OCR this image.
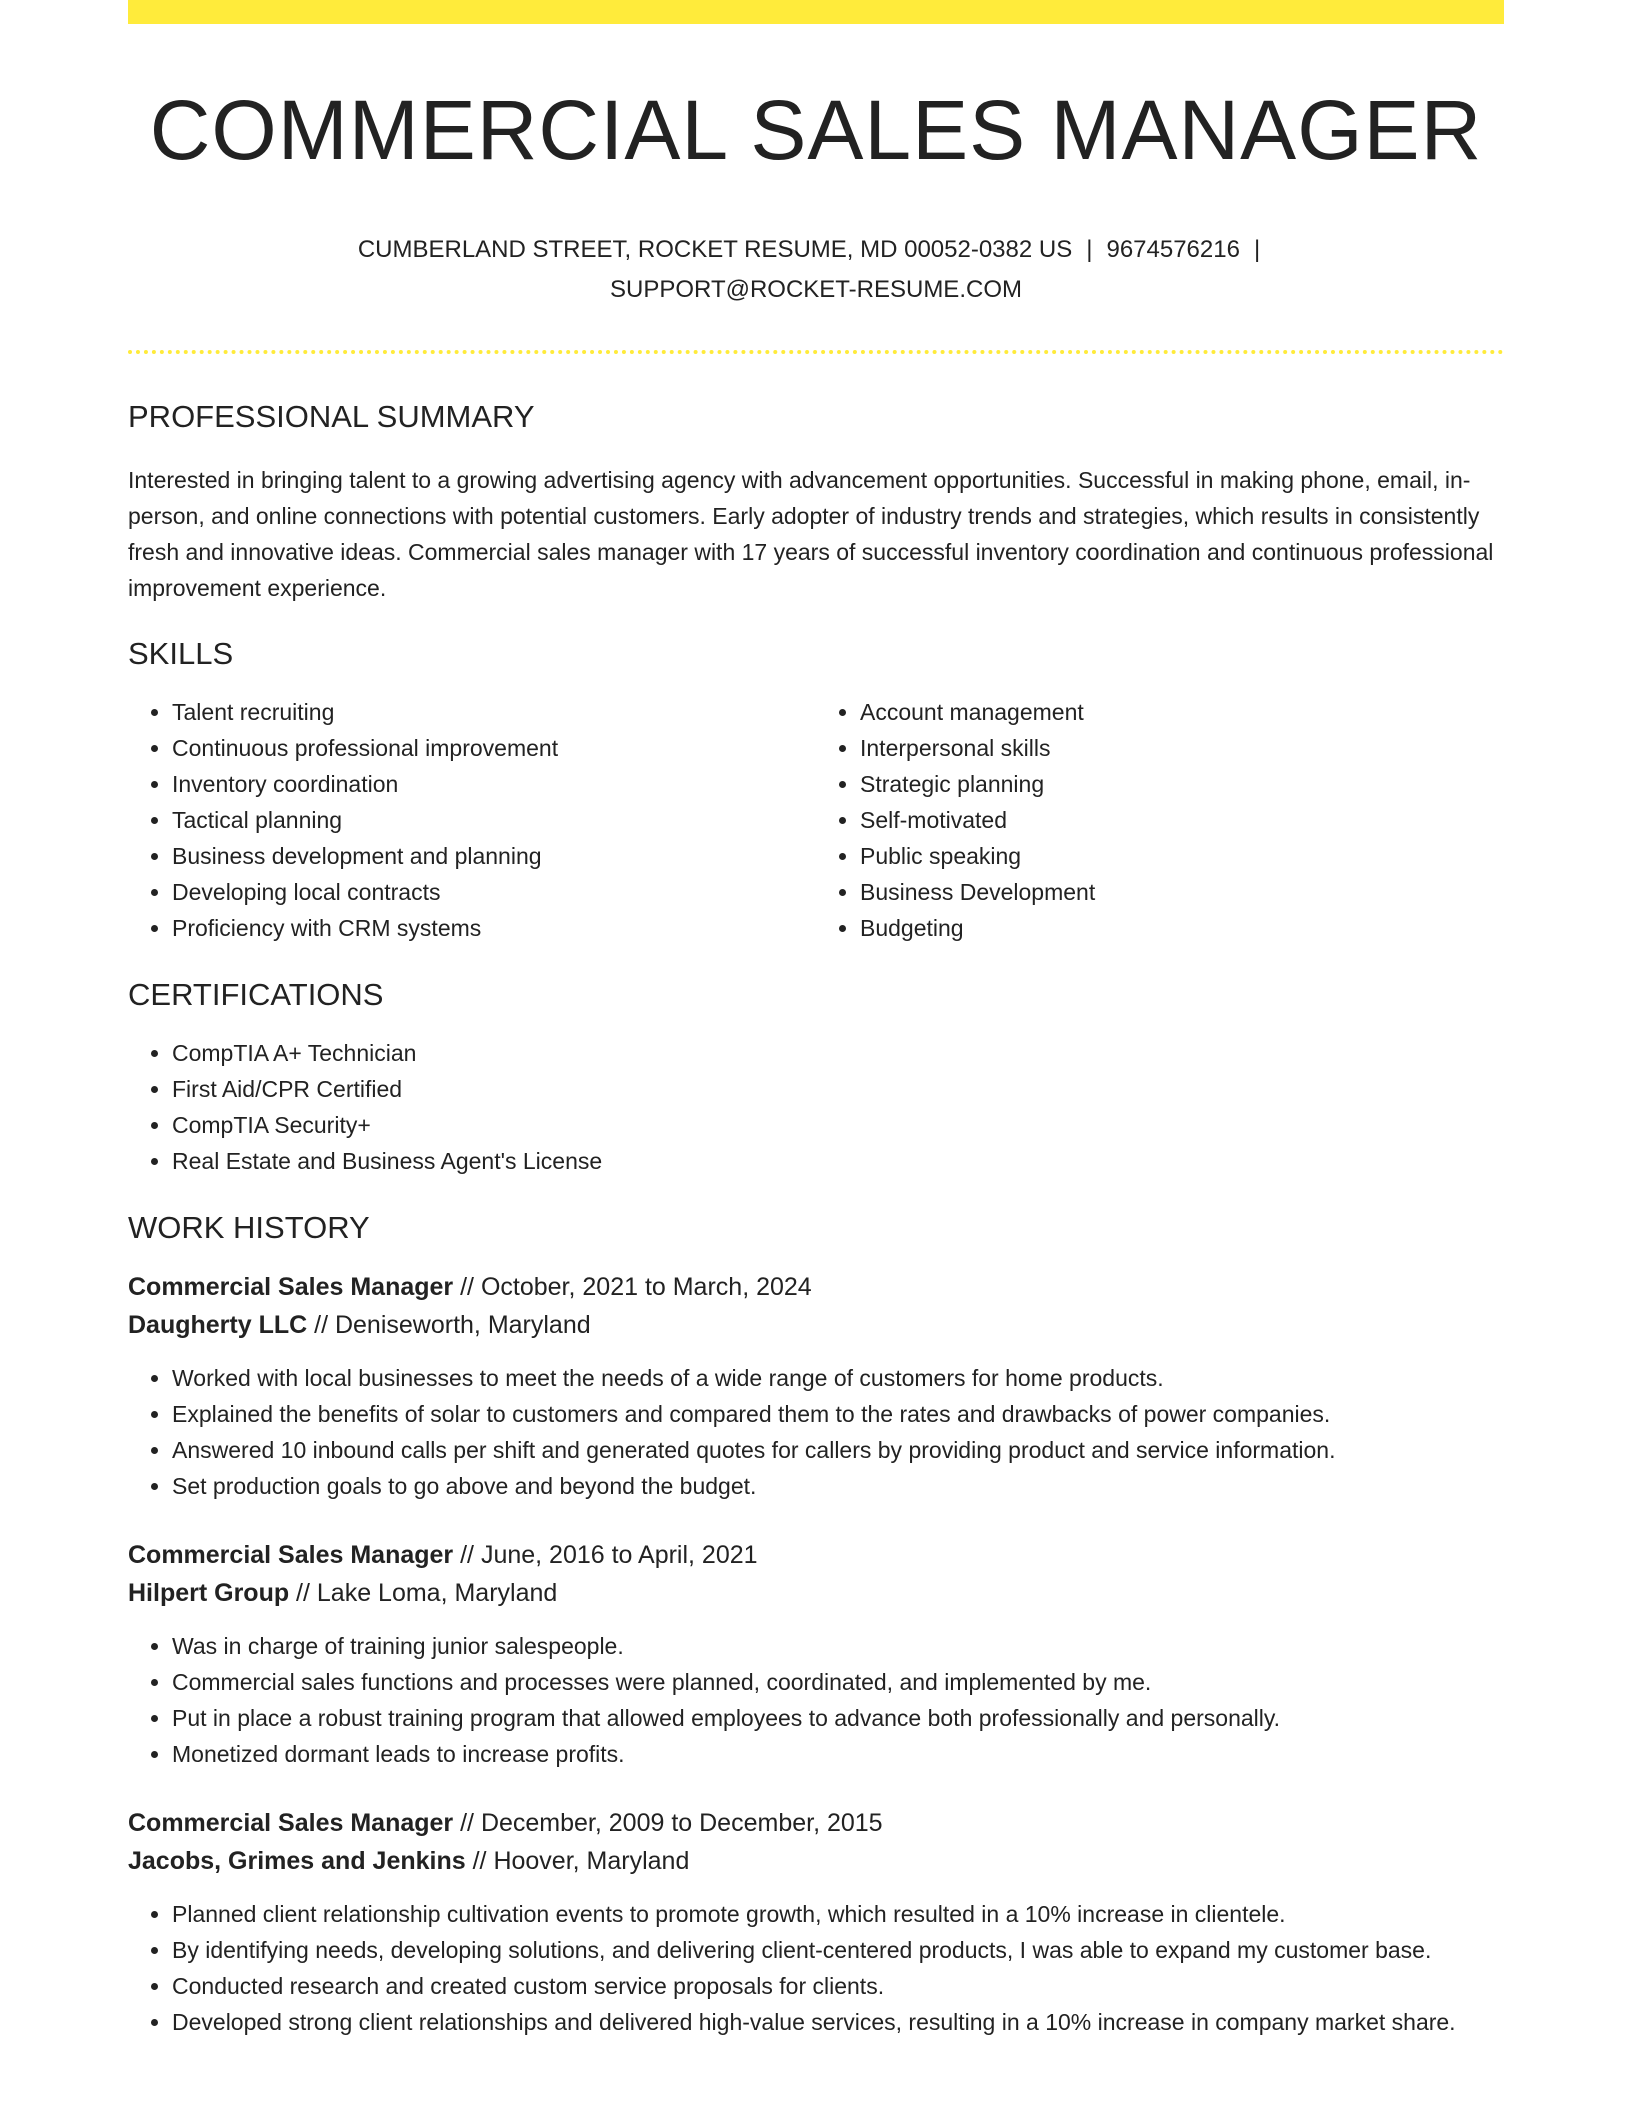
COMMERCIAL SALES MANAGER
CUMBERLAND STREET, ROCKET RESUME, MD 00052-0382 US | 9674576216 |
SUPPORT@ROCKET-RESUME.COM
PROFESSIONAL SUMMARY
Interested in bringing talent to a growing advertising agency with advancement opportunities. Successful in making phone, email, in-person, and online connections with potential customers. Early adopter of industry trends and strategies, which results in consistently fresh and innovative ideas. Commercial sales manager with 17 years of successful inventory coordination and continuous professional improvement experience.
SKILLS
• Talent recruiting
• Continuous professional improvement
• Inventory coordination
• Tactical planning
• Business development and planning
• Developing local contracts
• Proficiency with CRM systems
• Account management
• Interpersonal skills
• Strategic planning
• Self-motivated
• Public speaking
• Business Development
• Budgeting
CERTIFICATIONS
• CompTIA A+ Technician
• First Aid/CPR Certified
• CompTIA Security+
• Real Estate and Business Agent's License
WORK HISTORY
Commercial Sales Manager // October, 2021 to March, 2024
Daugherty LLC // Deniseworth, Maryland
• Worked with local businesses to meet the needs of a wide range of customers for home products.
• Explained the benefits of solar to customers and compared them to the rates and drawbacks of power companies.
• Answered 10 inbound calls per shift and generated quotes for callers by providing product and service information.
• Set production goals to go above and beyond the budget.
Commercial Sales Manager // June, 2016 to April, 2021
Hilpert Group // Lake Loma, Maryland
• Was in charge of training junior salespeople.
• Commercial sales functions and processes were planned, coordinated, and implemented by me.
• Put in place a robust training program that allowed employees to advance both professionally and personally.
• Monetized dormant leads to increase profits.
Commercial Sales Manager // December, 2009 to December, 2015
Jacobs, Grimes and Jenkins // Hoover, Maryland
• Planned client relationship cultivation events to promote growth, which resulted in a 10% increase in clientele.
• By identifying needs, developing solutions, and delivering client-centered products, I was able to expand my customer base.
• Conducted research and created custom service proposals for clients.
• Developed strong client relationships and delivered high-value services, resulting in a 10% increase in company market share.
